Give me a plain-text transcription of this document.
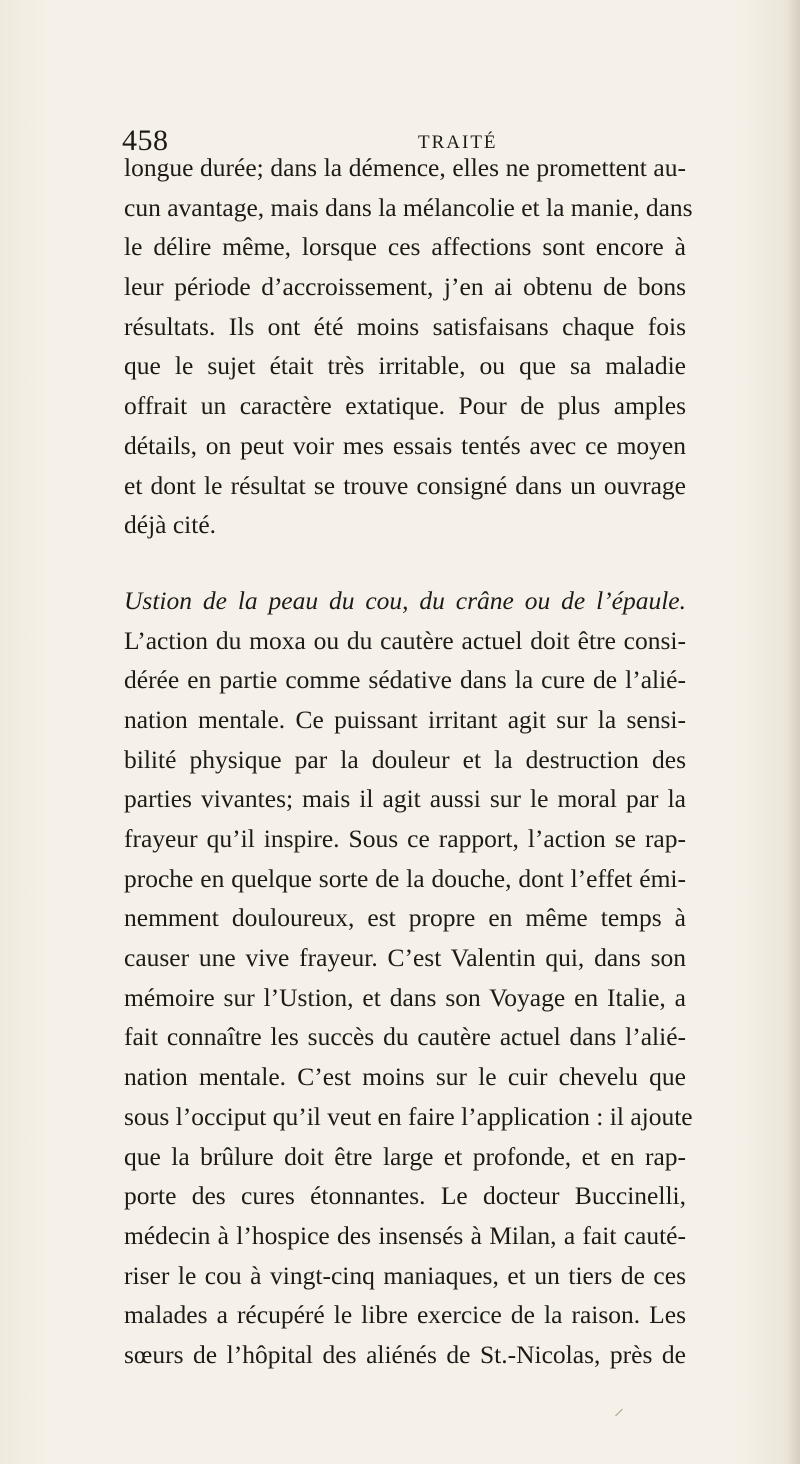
458	TRAITÉ
longue durée; dans la démence, elles ne promettent au-
cun avantage, mais dans la mélancolie et la manie, dans
le délire même, lorsque ces affections sont encore à
leur période d’accroissement, j’en ai obtenu de bons
résultats. Ils ont été moins satisfaisans chaque fois
que le sujet était très irritable, ou que sa maladie
offrait un caractère extatique. Pour de plus amples
détails, on peut voir mes essais tentés avec ce moyen
et dont le résultat se trouve consigné dans un ouvrage
déjà cité.
Ustion de la peau du cou, du crâne ou de l’épaule.
L’action du moxa ou du cautère actuel doit être consi-
dérée en partie comme sédative dans la cure de l’alié-
nation mentale. Ce puissant irritant agit sur la sensi-
bilité physique par la douleur et la destruction des
parties vivantes; mais il agit aussi sur le moral par la
frayeur qu’il inspire. Sous ce rapport, l’action se rap-
proche en quelque sorte de la douche, dont l’effet émi-
nemment douloureux, est propre en même temps à
causer une vive frayeur. C’est Valentin qui, dans son
mémoire sur l’Ustion, et dans son Voyage en Italie, a
fait connaître les succès du cautère actuel dans l’alié-
nation mentale. C’est moins sur le cuir chevelu que
sous l’occiput qu’il veut en faire l’application : il ajoute
que la brûlure doit être large et profonde, et en rap-
porte des cures étonnantes. Le docteur Buccinelli,
médecin à l’hospice des insensés à Milan, a fait cauté-
riser le cou à vingt-cinq maniaques, et un tiers de ces
malades a récupéré le libre exercice de la raison. Les
sœurs de l’hôpital des aliénés de St.-Nicolas, près de
